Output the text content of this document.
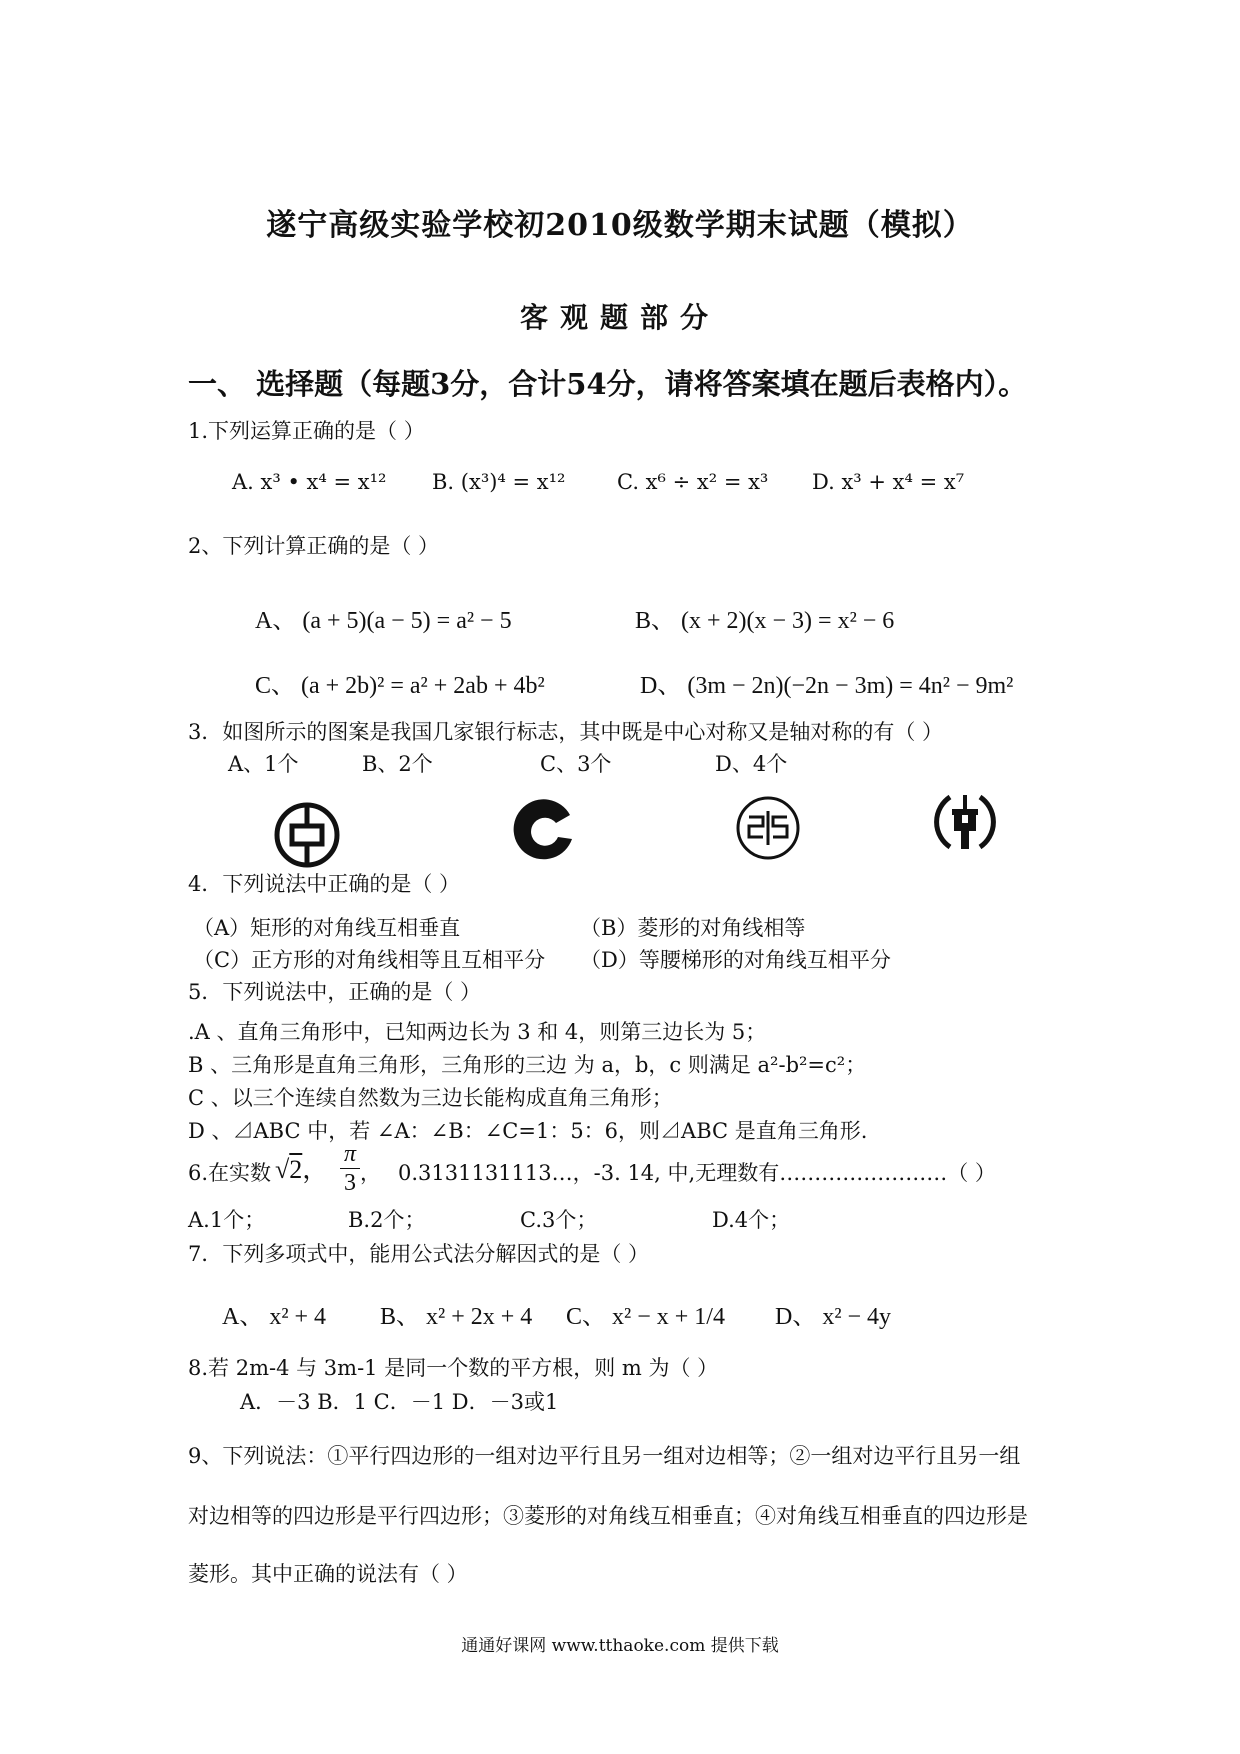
遂宁高级实验学校初2010级数学期末试题（模拟）
客观题部分
一、 选择题（每题3分，合计54分，请将答案填在题后表格内）。
1.下列运算正确的是（ ）
A. x³ • x⁴ = x¹² B. (x³)⁴ = x¹² C. x⁶ ÷ x² = x³ D. x³ + x⁴ = x⁷
2、下列计算正确的是（ ）
A、 (a + 5)(a − 5) = a² − 5	B、 (x + 2)(x − 3) = x² − 6
C、 (a + 2b)² = a² + 2ab + 4b²	D、 (3m − 2n)(−2n − 3m) = 4n² − 9m²
3．如图所示的图案是我国几家银行标志，其中既是中心对称又是轴对称的有（ ）
A、1个	B、2个	C、3个	D、4个
4．下列说法中正确的是（ ）
（A）矩形的对角线互相垂直	（B）菱形的对角线相等
（C）正方形的对角线相等且互相平分 （D）等腰梯形的对角线互相平分
5．下列说法中，正确的是（ ）
.A 、直角三角形中，已知两边长为 3 和 4，则第三边长为 5；
B 、三角形是直角三角形，三角形的三边 为 a，b，c 则满足 a²-b²=c²；
C 、以三个连续自然数为三边长能构成直角三角形；
D 、⊿ABC 中，若 ∠A：∠B：∠C=1：5：6，则⊿ABC 是直角三角形.
6.在实数 √2，
π
3 ， 0.3131131113…，-3. 14, 中,无理数有……………………（ ）
A.1个；	B.2个；	C.3个；	D.4个；
7．下列多项式中，能用公式法分解因式的是（ ）
A、 x² + 4 B、 x² + 2x + 4 C、 x² − x + 1/4 D、 x² − 4y
8.若 2m-4 与 3m-1 是同一个数的平方根，则 m 为（ ）
A．－3 B．1 C．－1 D．－3或1
9、下列说法：①平行四边形的一组对边平行且另一组对边相等；②一组对边平行且另一组
对边相等的四边形是平行四边形；③菱形的对角线互相垂直；④对角线互相垂直的四边形是
菱形。其中正确的说法有（ ）
通通好课网 www.tthaoke.com 提供下载
